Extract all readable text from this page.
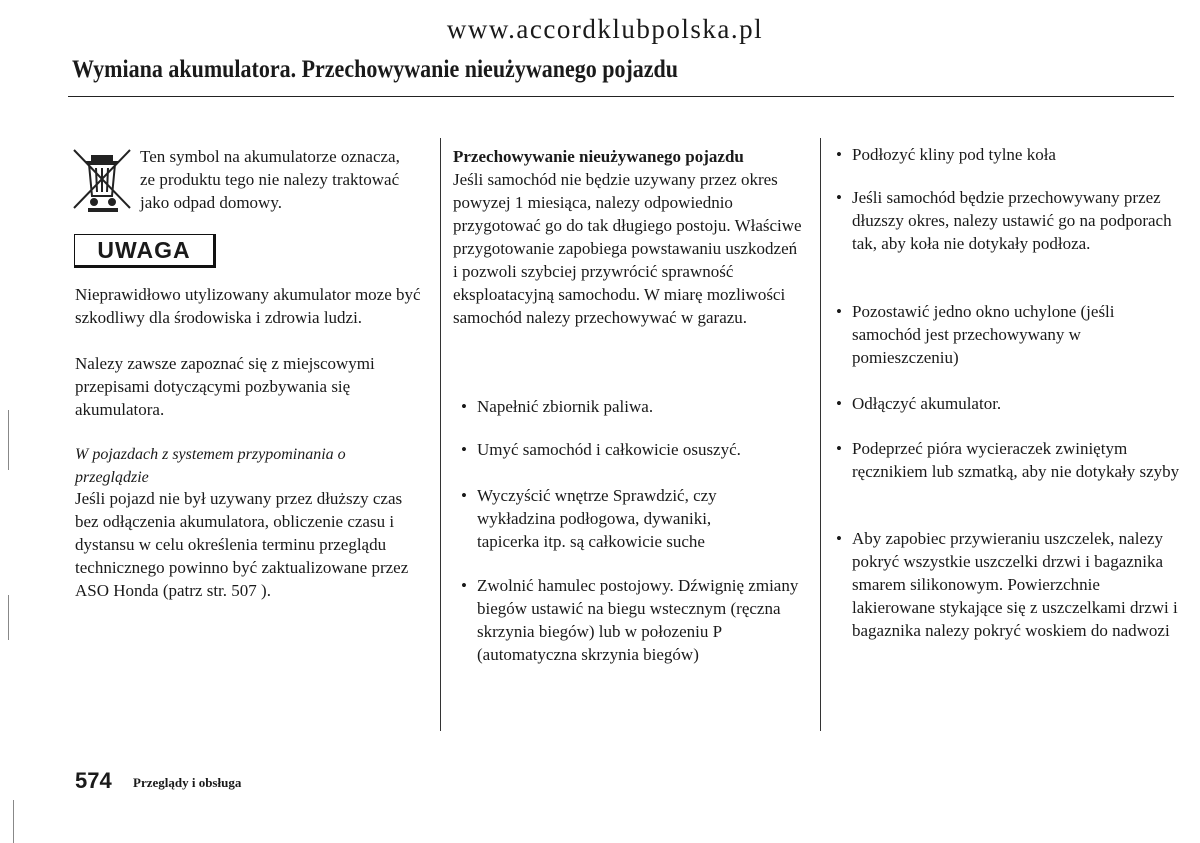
www.accordklubpolska.pl
Wymiana akumulatora. Przechowywanie nieużywanego pojazdu
Ten symbol na akumulatorze oznacza, ze produktu tego nie nalezy traktować jako odpad domowy.
UWAGA

Nieprawidłowo utylizowany akumulator moze być szkodliwy dla środowiska i zdrowia ludzi.

Nalezy zawsze zapoznać się z miejscowymi przepisami dotyczącymi pozbywania się akumulatora.

W pojazdach z systemem przypominania o

przeglądzie

Jeśli pojazd nie był uzywany przez dłuższy czas bez odłączenia akumulatora, obliczenie czasu i dystansu w celu określenia terminu przeglądu technicznego powinno być zaktualizowane przez ASO Honda (patrz str. 507 ).

Przechowywanie nieużywanego pojazdu

Jeśli samochód nie będzie uzywany przez okres powyzej 1 miesiąca, nalezy odpowiednio przygotować go do tak długiego postoju. Właściwe przygotowanie zapobiega powstawaniu uszkodzeń i pozwoli szybciej przywrócić sprawność eksploatacyjną samochodu. W miarę mozliwości samochód nalezy przechowywać w garazu.

• Napełnić zbiornik paliwa.
• Umyć samochód i całkowicie osuszyć.
• Wyczyścić wnętrze Sprawdzić, czy wykładzina podłogowa, dywaniki, tapicerka itp. są całkowicie suche
• Zwolnić hamulec postojowy. Dźwignię zmiany biegów ustawić na biegu wstecznym (ręczna skrzynia biegów) lub w połozeniu P (automatyczna skrzynia biegów)
• Podłozyć kliny pod tylne koła
• Jeśli samochód będzie przechowywany przez dłuzszy okres, nalezy ustawić go na podporach tak, aby koła nie dotykały podłoza.
• Pozostawić jedno okno uchylone (jeśli samochód jest przechowywany w pomieszczeniu)
• Odłączyć akumulator.
• Podeprzeć pióra wycieraczek zwiniętym ręcznikiem lub szmatką, aby nie dotykały szyby
• Aby zapobiec przywieraniu uszczelek, nalezy pokryć wszystkie uszczelki drzwi i bagaznika smarem silikonowym. Powierzchnie lakierowane stykające się z uszczelkami drzwi i bagaznika nalezy pokryć woskiem do nadwozi
574 Przeglądy i obsługa
